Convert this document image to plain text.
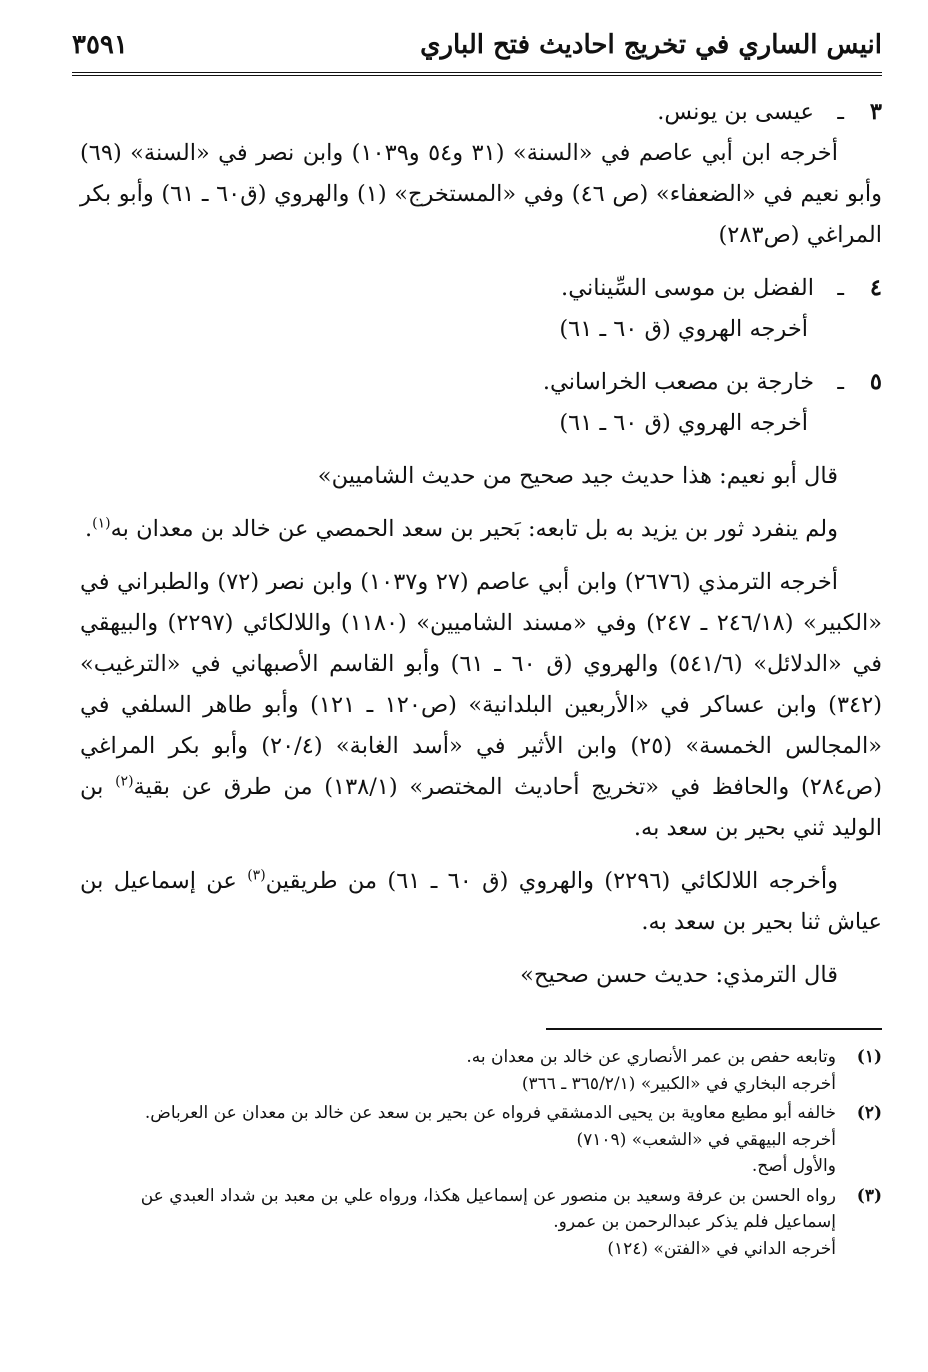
انيس الساري في تخريج احاديث فتح الباري
٣٥٩١
٣ـعيسى بن يونس.

أخرجه ابن أبي عاصم في «السنة» (٣١ و٥٤ و١٠٣٩) وابن نصر في «السنة» (٦٩) وأبو نعيم في «الضعفاء» (ص ٤٦) وفي «المستخرج» (١) والهروي (ق٦٠ ـ ٦١) وأبو بكر المراغي (ص٢٨٣)

٤ـالفضل بن موسى السِّيناني.

أخرجه الهروي (ق ٦٠ ـ ٦١)

٥ـخارجة بن مصعب الخراساني.

أخرجه الهروي (ق ٦٠ ـ ٦١)

قال أبو نعيم: هذا حديث جيد صحيح من حديث الشاميين»

ولم ينفرد ثور بن يزيد به بل تابعه: بَحير بن سعد الحمصي عن خالد بن معدان به$^{(١)}$.

أخرجه الترمذي (٢٦٧٦) وابن أبي عاصم (٢٧ و١٠٣٧) وابن نصر (٧٢) والطبراني في «الكبير» (٢٤٦/١٨ ـ ٢٤٧) وفي «مسند الشاميين» (١١٨٠) واللالكائي (٢٢٩٧) والبيهقي في «الدلائل» (٥٤١/٦) والهروي (ق ٦٠ ـ ٦١) وأبو القاسم الأصبهاني في «الترغيب» (٣٤٢) وابن عساكر في «الأربعين البلدانية» (ص١٢٠ ـ ١٢١) وأبو طاهر السلفي في «المجالس الخمسة» (٢٥) وابن الأثير في «أسد الغابة» (٢٠/٤) وأبو بكر المراغي (ص٢٨٤) والحافظ في «تخريج أحاديث المختصر» (١٣٨/١) من طرق عن بقية$^{(٢)}$ بن الوليد ثني بحير بن سعد به.

وأخرجه اللالكائي (٢٢٩٦) والهروي (ق ٦٠ ـ ٦١) من طريقين$^{(٣)}$ عن إسماعيل بن عياش ثنا بحير بن سعد به.

قال الترمذي: حديث حسن صحيح»

(١)
وتابعه حفص بن عمر الأنصاري عن خالد بن معدان به.
أخرجه البخاري في «الكبير» (٣٦٥/٢/١ ـ ٣٦٦)
(٢)
خالفه أبو مطيع معاوية بن يحيى الدمشقي فرواه عن بحير بن سعد عن خالد بن معدان عن العرباض.
أخرجه البيهقي في «الشعب» (٧١٠٩)
والأول أصح.
(٣)
رواه الحسن بن عرفة وسعيد بن منصور عن إسماعيل هكذا، ورواه علي بن معبد بن شداد العبدي عن إسماعيل فلم يذكر عبدالرحمن بن عمرو.
أخرجه الداني في «الفتن» (١٢٤)
